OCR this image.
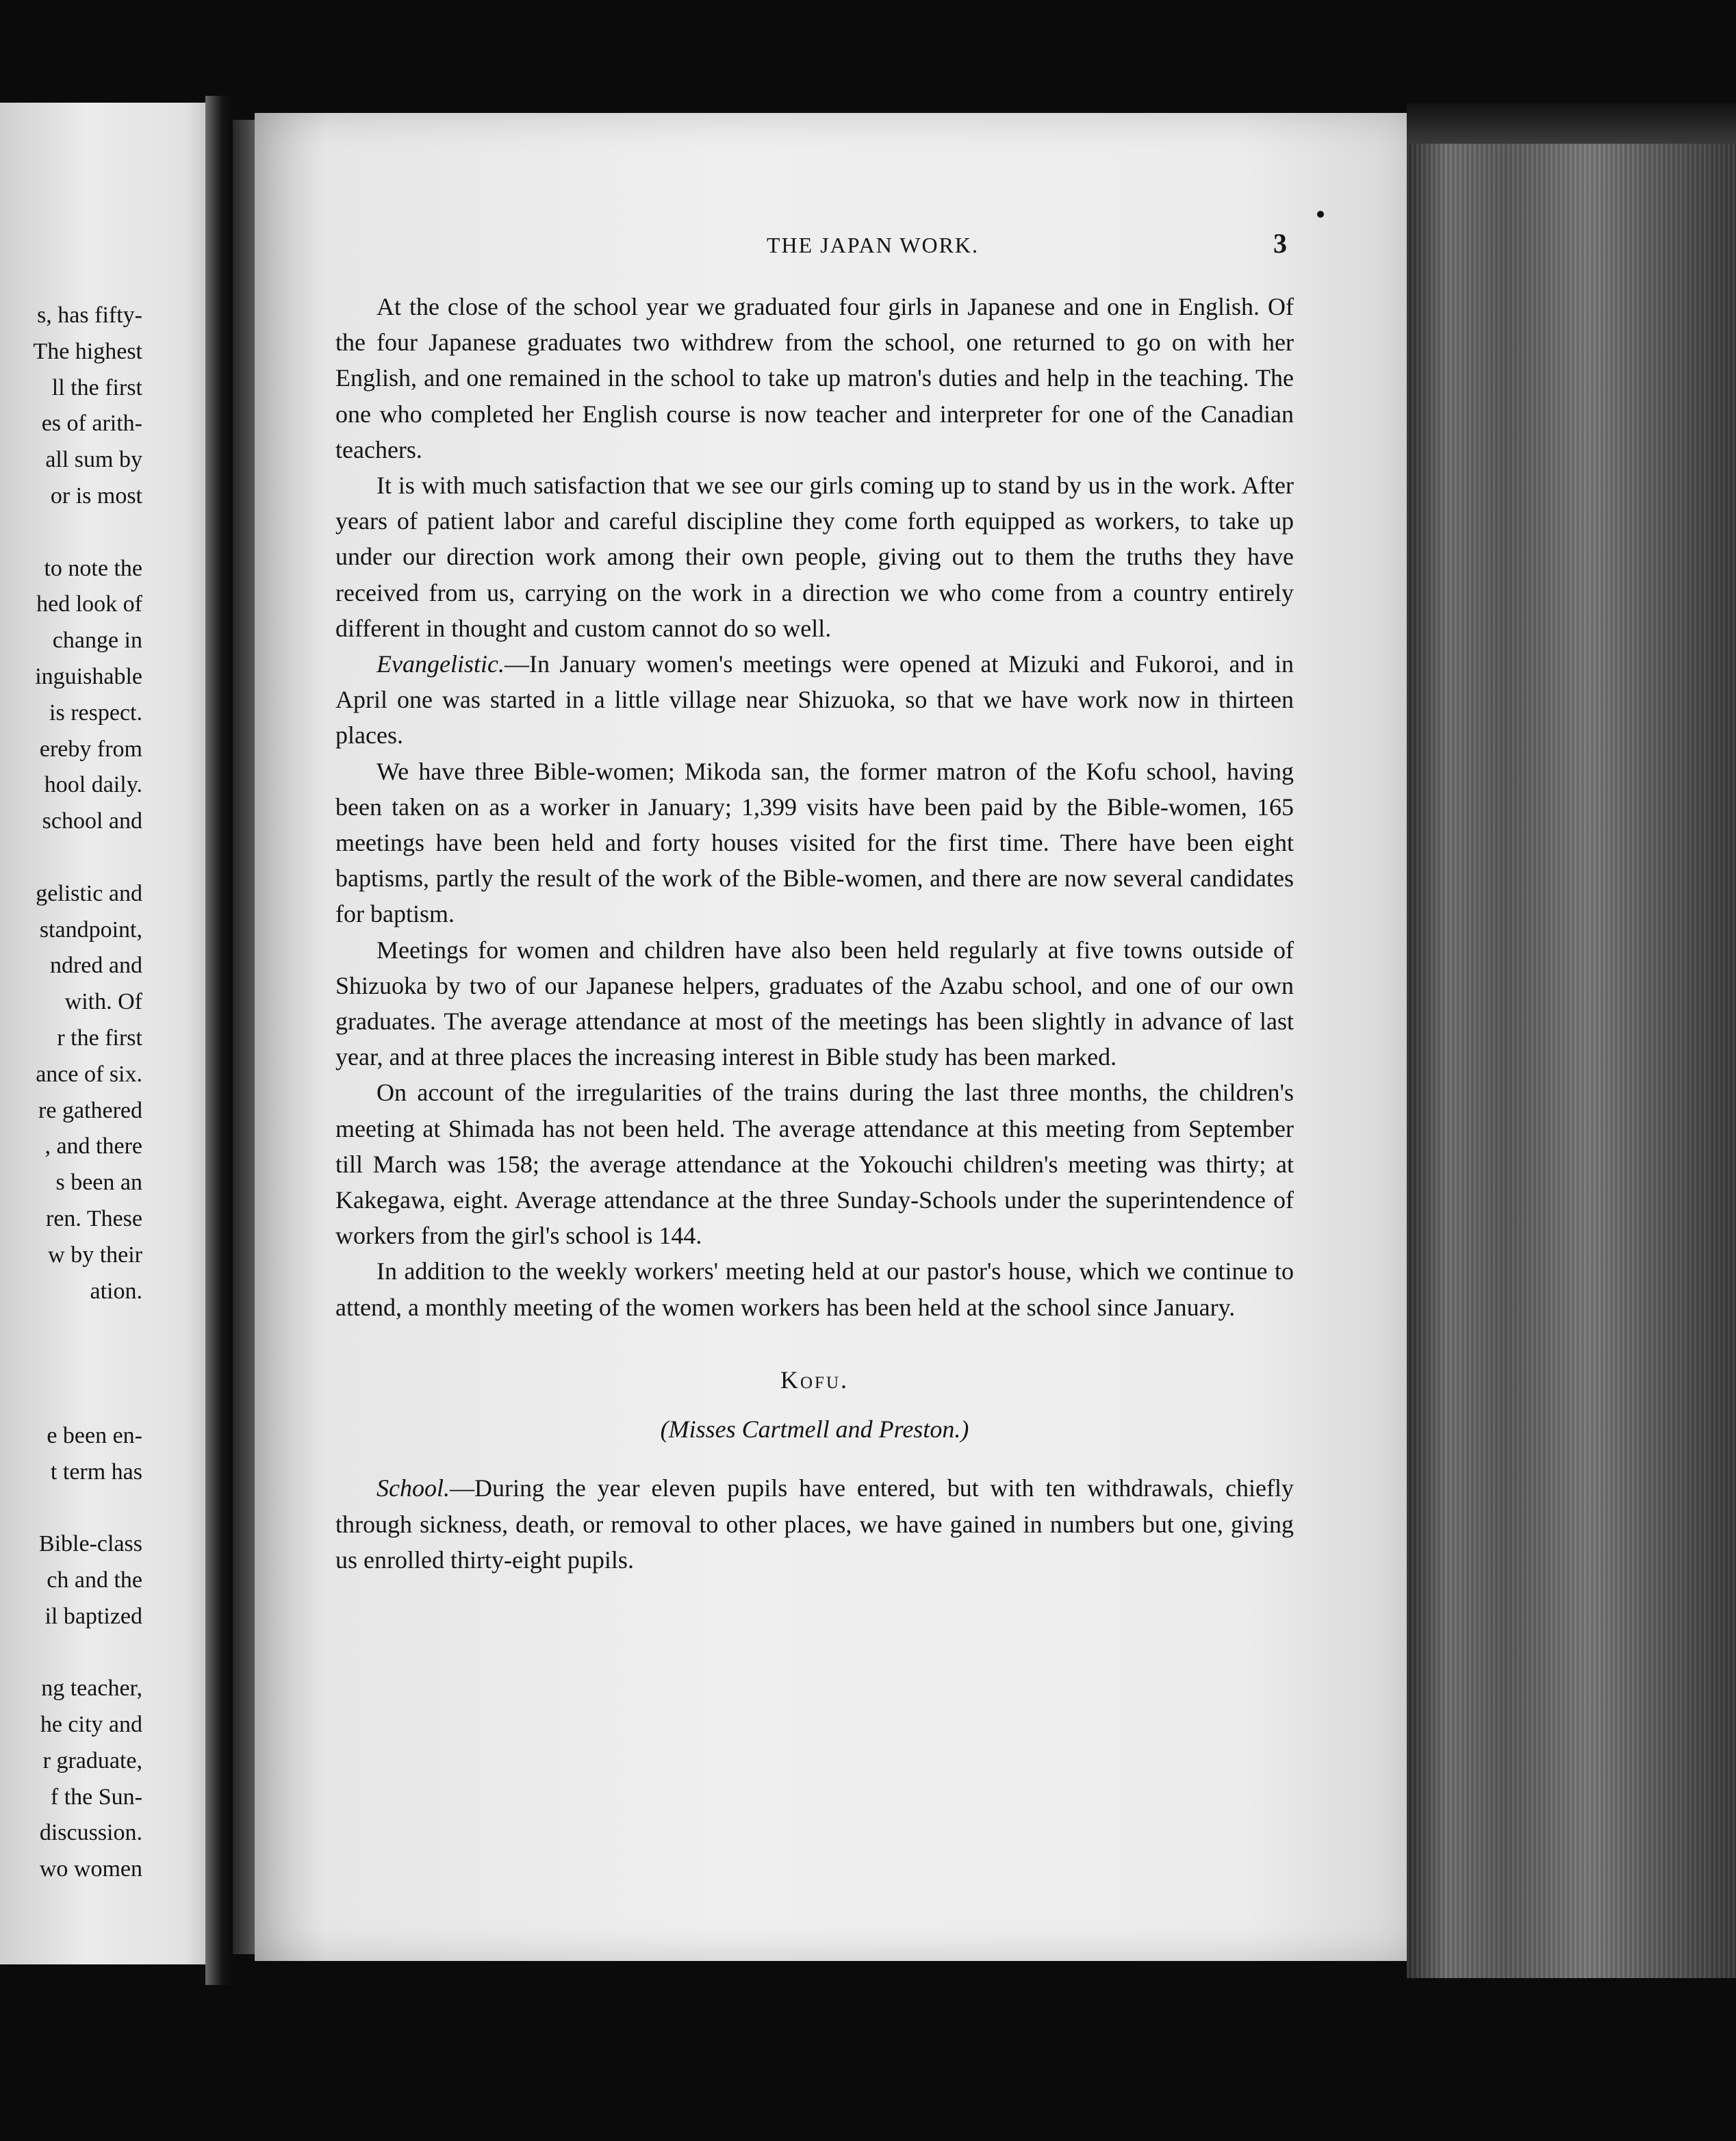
s, has fifty-
The highest
ll the first
es of arith-
all sum by
or is most
to note the
hed look of
change in
inguishable
is respect.
ereby from
hool daily.
school and
gelistic and
standpoint,
ndred and
with. Of
r the first
ance of six.
re gathered
, and there
s been an
ren. These
w by their
ation.
e been en-
t term has
Bible-class
ch and the
il baptized
ng teacher,
he city and
r graduate,
f the Sun-
discussion.
wo women
THE JAPAN WORK.	3

At the close of the school year we graduated four girls in Japanese and one in English. Of the four Japanese graduates two withdrew from the school, one returned to go on with her English, and one remained in the school to take up matron's duties and help in the teaching. The one who completed her English course is now teacher and interpreter for one of the Canadian teachers.

It is with much satisfaction that we see our girls coming up to stand by us in the work. After years of patient labor and careful discipline they come forth equipped as workers, to take up under our direction work among their own people, giving out to them the truths they have received from us, carrying on the work in a direction we who come from a country entirely different in thought and custom cannot do so well.

Evangelistic.—In January women's meetings were opened at Mizuki and Fukoroi, and in April one was started in a little village near Shizuoka, so that we have work now in thirteen places.

We have three Bible-women; Mikoda san, the former matron of the Kofu school, having been taken on as a worker in January; 1,399 visits have been paid by the Bible-women, 165 meetings have been held and forty houses visited for the first time. There have been eight baptisms, partly the result of the work of the Bible-women, and there are now several candidates for baptism.

Meetings for women and children have also been held regularly at five towns outside of Shizuoka by two of our Japanese helpers, graduates of the Azabu school, and one of our own graduates. The average attendance at most of the meetings has been slightly in advance of last year, and at three places the increasing interest in Bible study has been marked.

On account of the irregularities of the trains during the last three months, the children's meeting at Shimada has not been held. The average attendance at this meeting from September till March was 158; the average attendance at the Yokouchi children's meeting was thirty; at Kakegawa, eight. Average attendance at the three Sunday-Schools under the superintendence of workers from the girl's school is 144.

In addition to the weekly workers' meeting held at our pastor's house, which we continue to attend, a monthly meeting of the women workers has been held at the school since January.

Kofu.
(Misses Cartmell and Preston.)

School.—During the year eleven pupils have entered, but with ten withdrawals, chiefly through sickness, death, or removal to other places, we have gained in numbers but one, giving us enrolled thirty-eight pupils.
